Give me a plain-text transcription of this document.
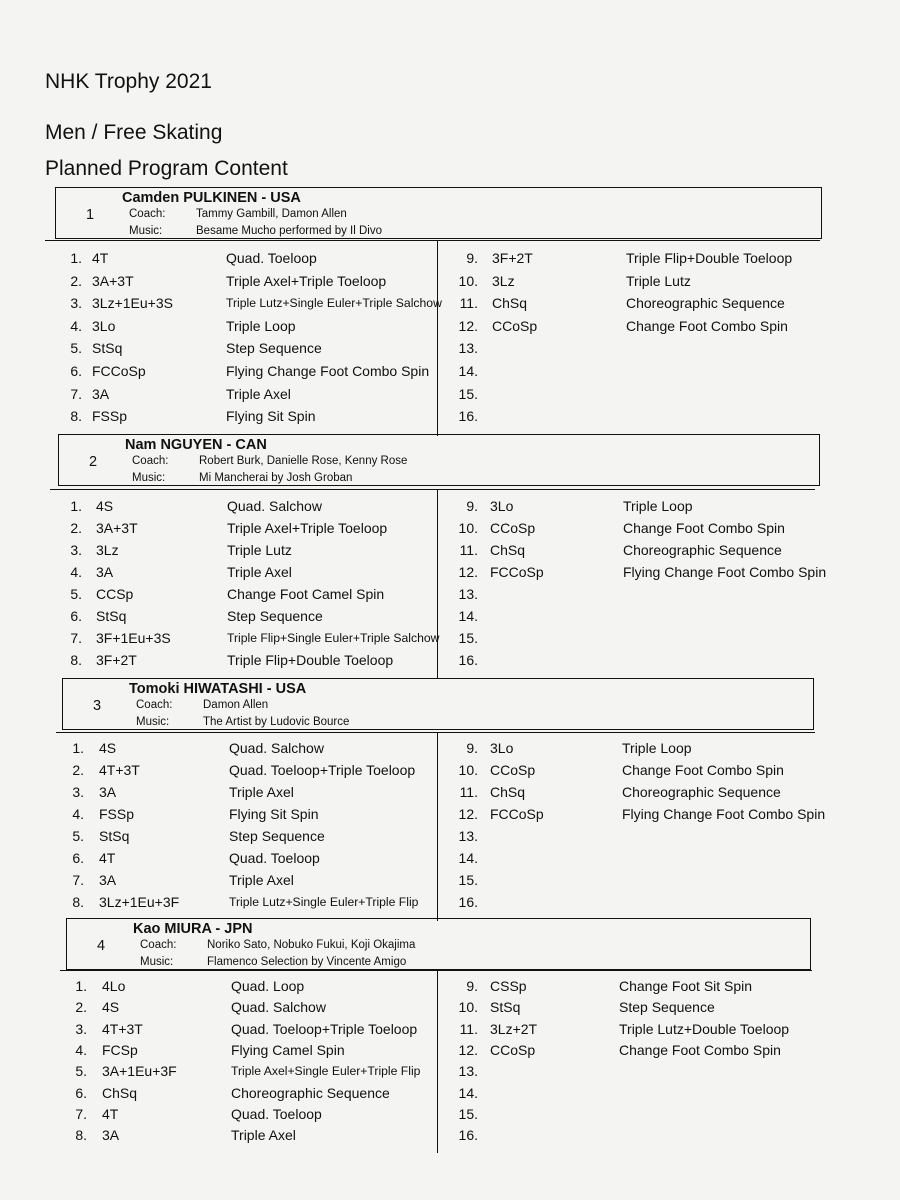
NHK Trophy 2021
Men / Free Skating
Planned Program Content
Camden PULKINEN - USA
1	Coach:	Tammy Gambill, Damon Allen
Music:	Besame Mucho performed by Il Divo
1. 4T	Quad. Toeloop
2. 3A+3T	Triple Axel+Triple Toeloop
3. 3Lz+1Eu+3S	Triple Lutz+Single Euler+Triple Salchow
4. 3Lo	Triple Loop
5. StSq	Step Sequence
6. FCCoSp	Flying Change Foot Combo Spin
7. 3A	Triple Axel
8. FSSp	Flying Sit Spin
9. 3F+2T	Triple Flip+Double Toeloop
10. 3Lz	Triple Lutz
11. ChSq	Choreographic Sequence
12. CCoSp	Change Foot Combo Spin
13.
14.
15.
16.
Nam NGUYEN - CAN
2	Coach:	Robert Burk, Danielle Rose, Kenny Rose
Music:	Mi Mancherai by Josh Groban
1. 4S	Quad. Salchow
2. 3A+3T	Triple Axel+Triple Toeloop
3. 3Lz	Triple Lutz
4. 3A	Triple Axel
5. CCSp	Change Foot Camel Spin
6. StSq	Step Sequence
7. 3F+1Eu+3S	Triple Flip+Single Euler+Triple Salchow
8. 3F+2T	Triple Flip+Double Toeloop
9. 3Lo	Triple Loop
10. CCoSp	Change Foot Combo Spin
11. ChSq	Choreographic Sequence
12. FCCoSp	Flying Change Foot Combo Spin
13.
14.
15.
16.
Tomoki HIWATASHI - USA
3	Coach:	Damon Allen
Music:	The Artist by Ludovic Bource
1. 4S	Quad. Salchow
2. 4T+3T	Quad. Toeloop+Triple Toeloop
3. 3A	Triple Axel
4. FSSp	Flying Sit Spin
5. StSq	Step Sequence
6. 4T	Quad. Toeloop
7. 3A	Triple Axel
8. 3Lz+1Eu+3F	Triple Lutz+Single Euler+Triple Flip
9. 3Lo	Triple Loop
10. CCoSp	Change Foot Combo Spin
11. ChSq	Choreographic Sequence
12. FCCoSp	Flying Change Foot Combo Spin
13.
14.
15.
16.
Kao MIURA - JPN
4	Coach:	Noriko Sato, Nobuko Fukui, Koji Okajima
Music:	Flamenco Selection by Vincente Amigo
1. 4Lo	Quad. Loop
2. 4S	Quad. Salchow
3. 4T+3T	Quad. Toeloop+Triple Toeloop
4. FCSp	Flying Camel Spin
5. 3A+1Eu+3F	Triple Axel+Single Euler+Triple Flip
6. ChSq	Choreographic Sequence
7. 4T	Quad. Toeloop
8. 3A	Triple Axel
9. CSSp	Change Foot Sit Spin
10. StSq	Step Sequence
11. 3Lz+2T	Triple Lutz+Double Toeloop
12. CCoSp	Change Foot Combo Spin
13.
14.
15.
16.
